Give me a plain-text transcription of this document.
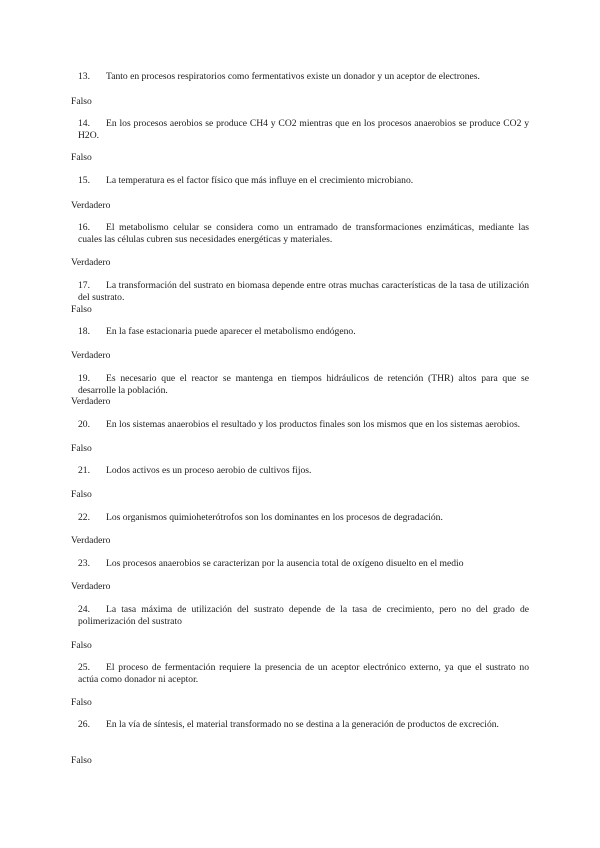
13. Tanto en procesos respiratorios como fermentativos existe un donador y un aceptor de electrones.

Falso

14. En los procesos aerobios se produce CH4 y CO2 mientras que en los procesos anaerobios se produce CO2 y H2O.

Falso

15. La temperatura es el factor físico que más influye en el crecimiento microbiano.

Verdadero

16. El metabolismo celular se considera como un entramado de transformaciones enzimáticas, mediante las cuales las células cubren sus necesidades energéticas y materiales.

Verdadero

17. La transformación del sustrato en biomasa depende entre otras muchas características de la tasa de utilización del sustrato.

Falso

18. En la fase estacionaria puede aparecer el metabolismo endógeno.

Verdadero

19. Es necesario que el reactor se mantenga en tiempos hidráulicos de retención (THR) altos para que se desarrolle la población.

Verdadero

20. En los sistemas anaerobios el resultado y los productos finales son los mismos que en los sistemas aerobios.

Falso

21. Lodos activos es un proceso aerobio de cultivos fijos.

Falso

22. Los organismos quimioheterótrofos son los dominantes en los procesos de degradación.

Verdadero

23. Los procesos anaerobios se caracterizan por la ausencia total de oxígeno disuelto en el medio

Verdadero

24. La tasa máxima de utilización del sustrato depende de la tasa de crecimiento, pero no del grado de polimerización del sustrato

Falso

25. El proceso de fermentación requiere la presencia de un aceptor electrónico externo, ya que el sustrato no actúa como donador ni aceptor.

Falso

26. En la vía de síntesis, el material transformado no se destina a la generación de productos de excreción.

Falso
